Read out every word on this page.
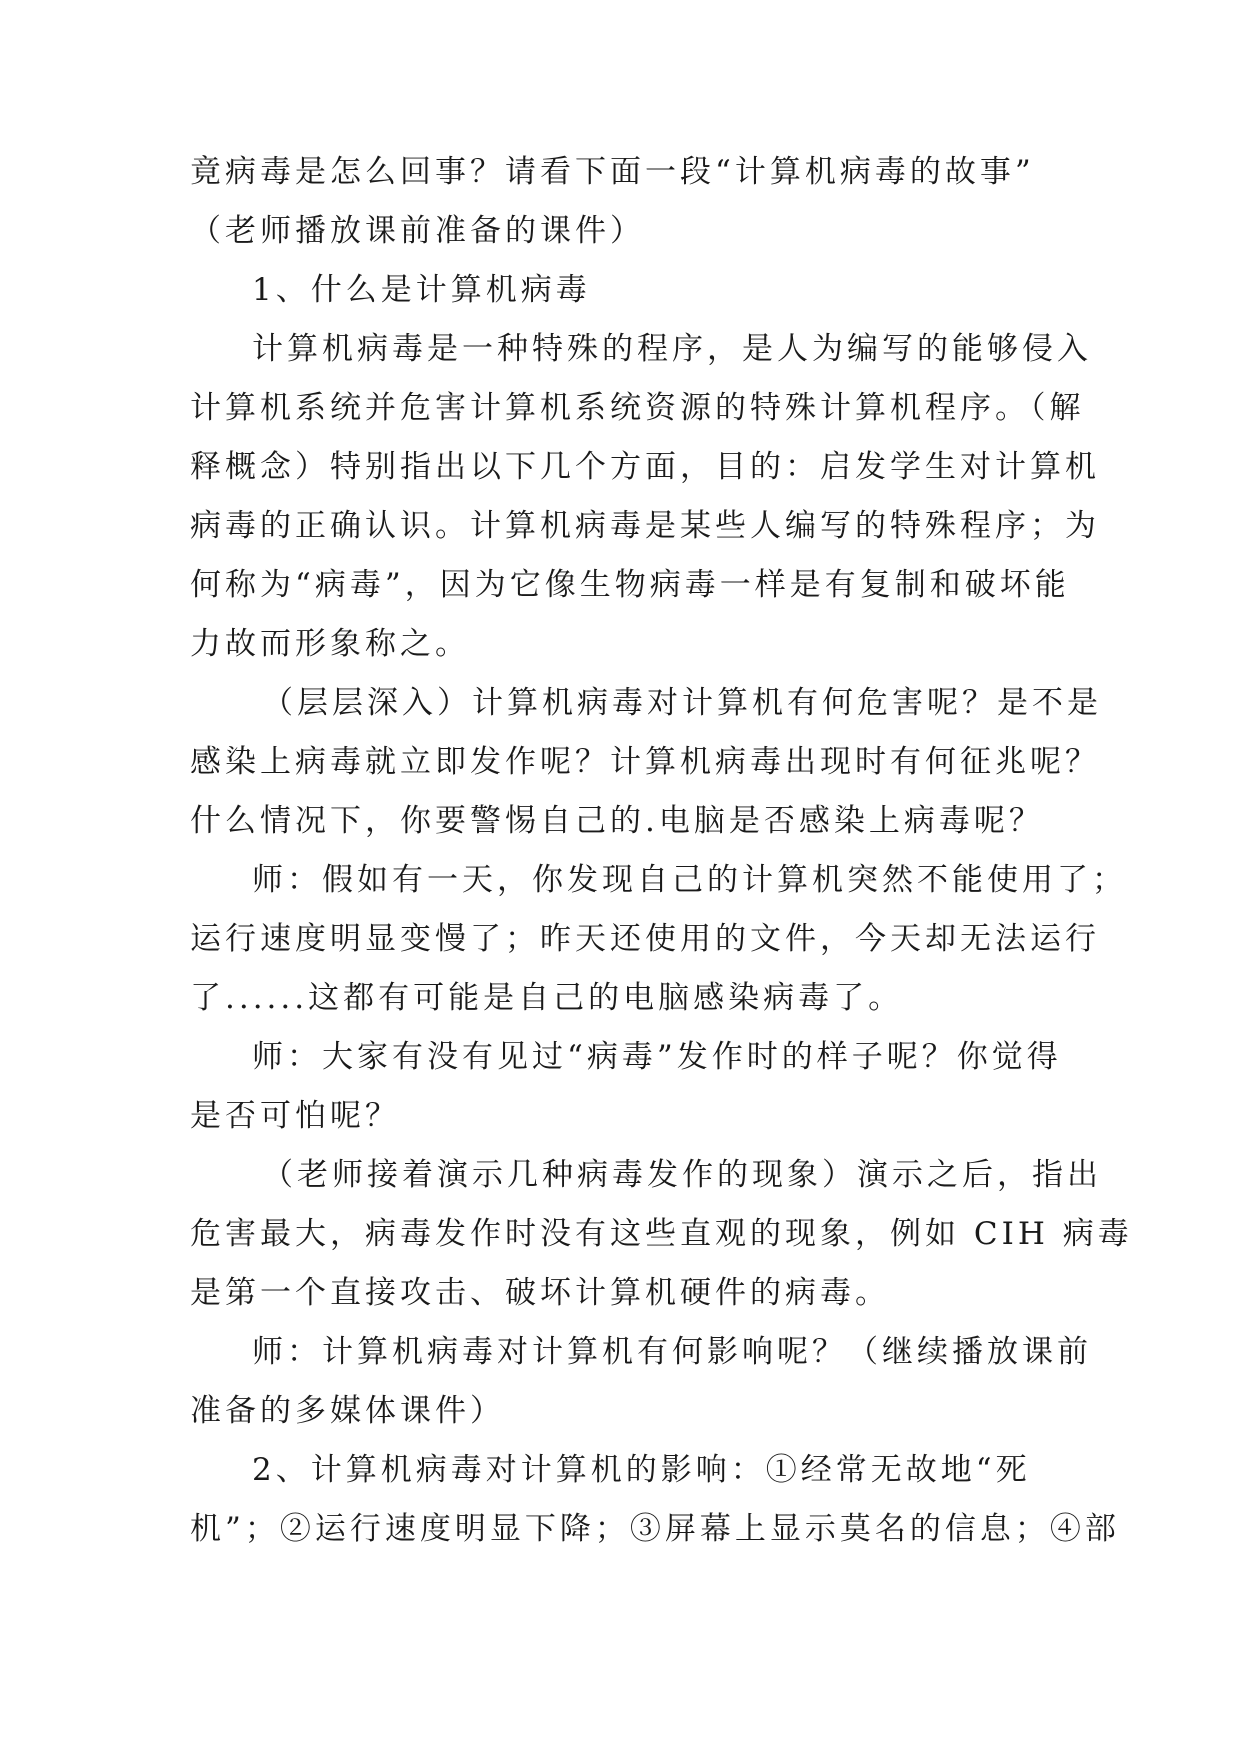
竟病毒是怎么回事？请看下面一段“计算机病毒的故事”
（老师播放课前准备的课件）
1、什么是计算机病毒
计算机病毒是一种特殊的程序，是人为编写的能够侵入
计算机系统并危害计算机系统资源的特殊计算机程序。（解
释概念）特别指出以下几个方面，目的：启发学生对计算机
病毒的正确认识。计算机病毒是某些人编写的特殊程序；为
何称为“病毒”，因为它像生物病毒一样是有复制和破坏能
力故而形象称之。
（层层深入）计算机病毒对计算机有何危害呢？是不是
感染上病毒就立即发作呢？计算机病毒出现时有何征兆呢？
什么情况下，你要警惕自己的.电脑是否感染上病毒呢？
师：假如有一天，你发现自己的计算机突然不能使用了；
运行速度明显变慢了；昨天还使用的文件，今天却无法运行
了......这都有可能是自己的电脑感染病毒了。
师：大家有没有见过“病毒”发作时的样子呢？你觉得
是否可怕呢？
（老师接着演示几种病毒发作的现象）演示之后，指出
危害最大，病毒发作时没有这些直观的现象，例如 CIH 病毒
是第一个直接攻击、破坏计算机硬件的病毒。
师：计算机病毒对计算机有何影响呢？（继续播放课前
准备的多媒体课件）
2、计算机病毒对计算机的影响：①经常无故地“死
机”；②运行速度明显下降；③屏幕上显示莫名的信息；④部
